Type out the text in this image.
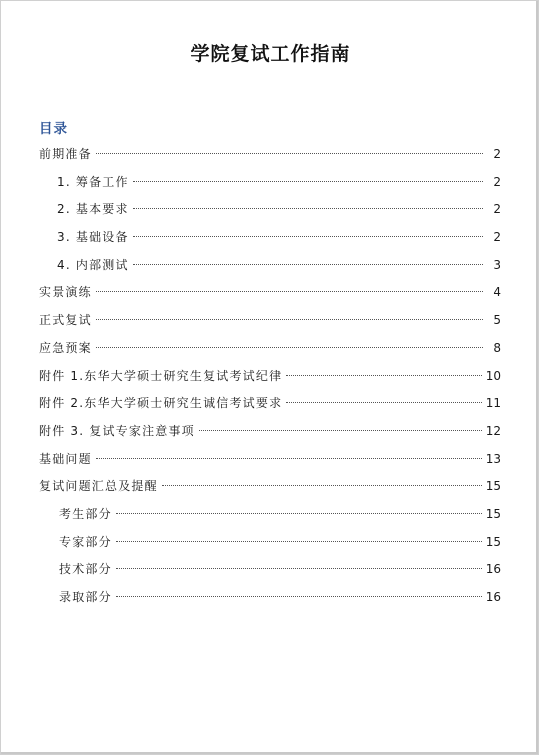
学院复试工作指南
目录
前期准备	2
1. 筹备工作	2
2. 基本要求	2
3. 基础设备	2
4. 内部测试	3
实景演练	4
正式复试	5
应急预案	8
附件 1.东华大学硕士研究生复试考试纪律	10
附件 2.东华大学硕士研究生诚信考试要求	11
附件 3. 复试专家注意事项	12
基础问题	13
复试问题汇总及提醒	15
考生部分	15
专家部分	15
技术部分	16
录取部分	16
